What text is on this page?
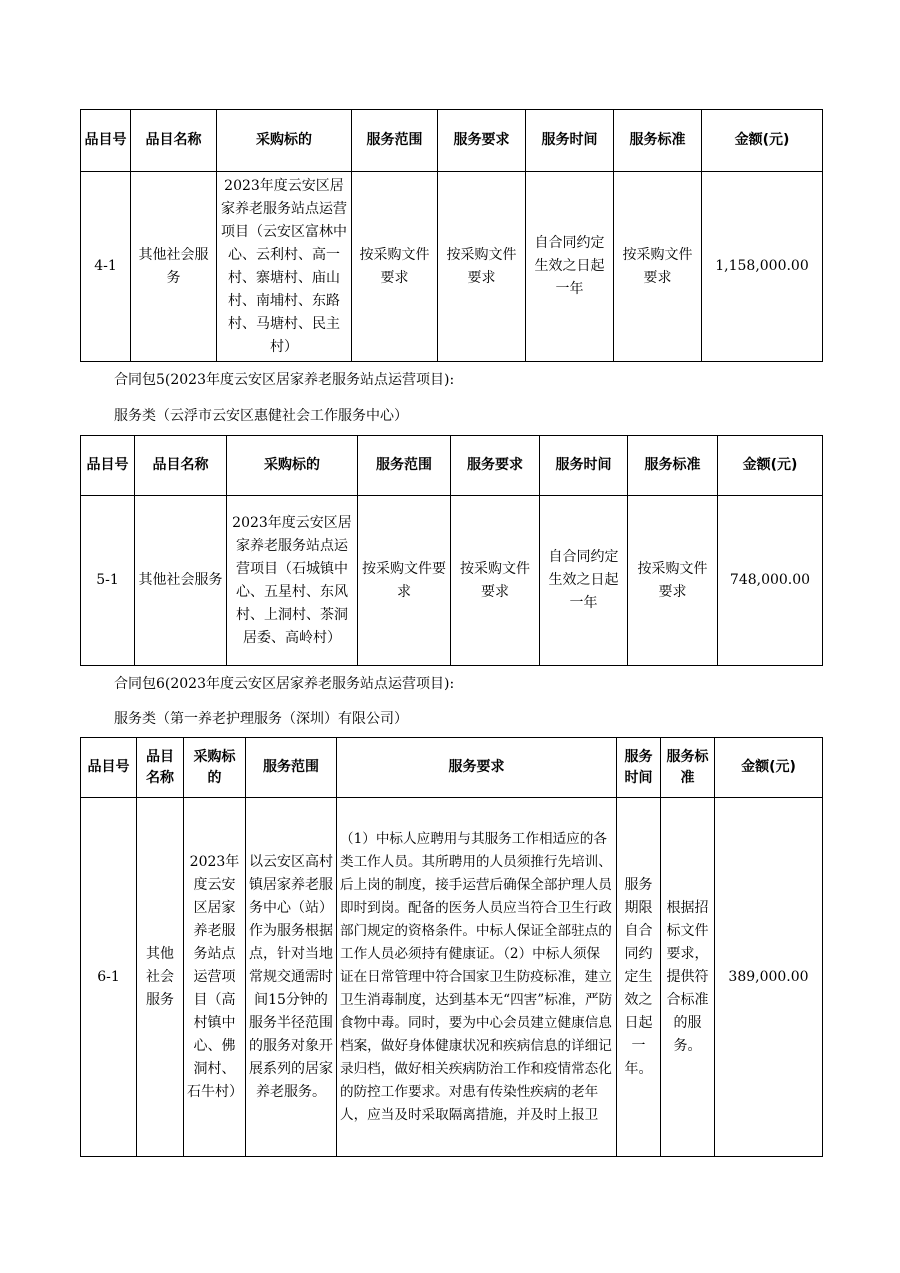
品目号	品目名称	采购标的	服务范围	服务要求	服务时间	服务标准	金额(元)
4-1	其他社会服务	2023年度云安区居家养老服务站点运营项目（云安区富林中心、云利村、高一村、寨塘村、庙山村、南埔村、东路村、马塘村、民主村）	按采购文件要求	按采购文件要求	自合同约定生效之日起一年	按采购文件要求	1,158,000.00
合同包5(2023年度云安区居家养老服务站点运营项目):
服务类（云浮市云安区惠健社会工作服务中心）
品目号	品目名称	采购标的	服务范围	服务要求	服务时间	服务标准	金额(元)
5-1	其他社会服务	2023年度云安区居家养老服务站点运营项目（石城镇中心、五星村、东风村、上洞村、茶洞居委、高岭村）	按采购文件要求	按采购文件要求	自合同约定生效之日起一年	按采购文件要求	748,000.00
合同包6(2023年度云安区居家养老服务站点运营项目):
服务类（第一养老护理服务（深圳）有限公司）
品目号	品目名称	采购标的	服务范围	服务要求	服务时间	服务标准	金额(元)
6-1	其他社会服务	2023年度云安区居家养老服务站点运营项目（高村镇中心、佛洞村、石牛村）	以云安区高村镇居家养老服务中心（站）作为服务根据点，针对当地常规交通需时间15分钟的服务半径范围的服务对象开展系列的居家养老服务。	（1）中标人应聘用与其服务工作相适应的各类工作人员。其所聘用的人员须推行先培训、后上岗的制度，接手运营后确保全部护理人员即时到岗。配备的医务人员应当符合卫生行政部门规定的资格条件。中标人保证全部驻点的工作人员必须持有健康证。（2）中标人须保证在日常管理中符合国家卫生防疫标准，建立卫生消毒制度，达到基本无“四害”标准，严防食物中毒。同时，要为中心会员建立健康信息档案，做好身体健康状况和疾病信息的详细记录归档，做好相关疾病防治工作和疫情常态化的防控工作要求。对患有传染性疾病的老年人，应当及时采取隔离措施，并及时上报卫	服务期限自合同约定生效之日起一年。	根据招标文件要求，提供符合标准的服务。	389,000.00
